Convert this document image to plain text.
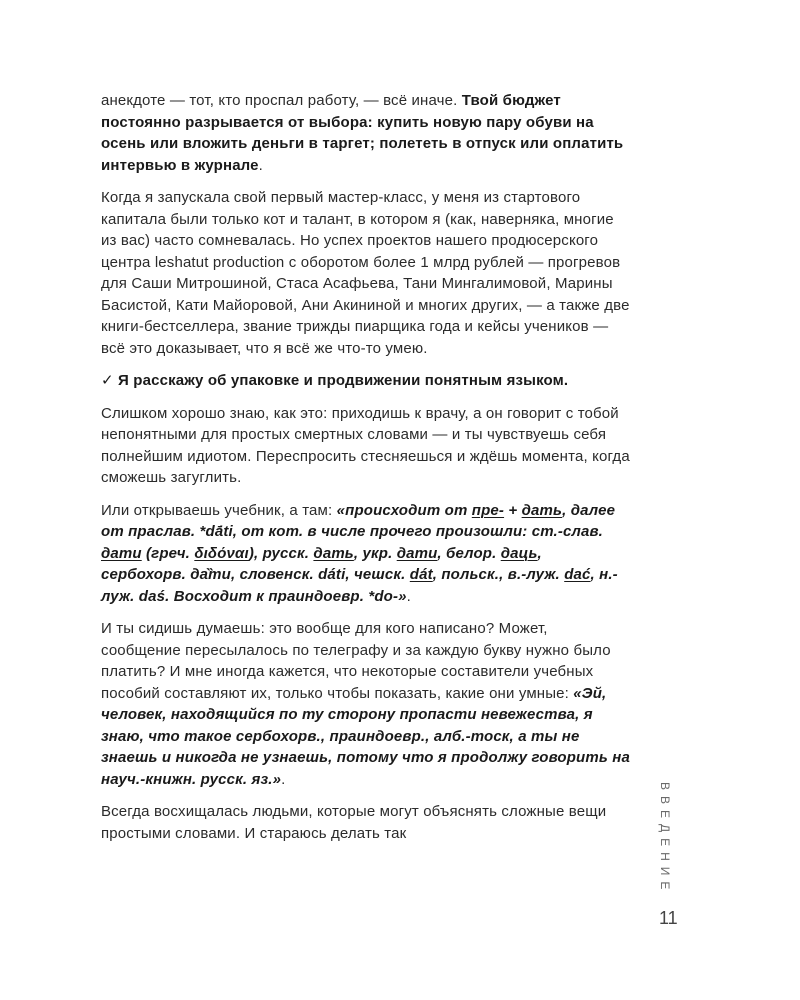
анекдоте — тот, кто проспал работу, — всё иначе. Твой бюджет постоянно разрывается от выбора: купить новую пару обуви на осень или вложить деньги в таргет; полететь в отпуск или оплатить интервью в журнале.

Когда я запускала свой первый мастер-класс, у меня из стартового капитала были только кот и талант, в котором я (как, наверняка, многие из вас) часто сомневалась. Но успех проектов нашего продюсерского центра leshatut production с оборотом более 1 млрд рублей — прогревов для Саши Митрошиной, Стаса Асафьева, Тани Мингалимовой, Марины Басистой, Кати Майоровой, Ани Акининой и многих других, — а также две книги-бестселлера, звание трижды пиарщика года и кейсы учеников — всё это доказывает, что я всё же что-то умею.

✓ Я расскажу об упаковке и продвижении понятным языком.

Слишком хорошо знаю, как это: приходишь к врачу, а он говорит с тобой непонятными для простых смертных словами — и ты чувствуешь себя полнейшим идиотом. Переспросить стесняешься и ждёшь момента, когда сможешь загуглить.

Или открываешь учебник, а там: «происходит от пре- + дать, далее от праслав. *dā́ti, от кот. в числе прочего произошли: ст.-слав. дати (греч. διδόναι), русск. дать, укр. дати, белор. даць, сербохорв. да̏ти, словенск. dáti, чешск. dát, польск., в.-луж. dać, н.-луж. daś. Восходит к праиндоевр. *do-».

И ты сидишь думаешь: это вообще для кого написано? Может, сообщение пересылалось по телеграфу и за каждую букву нужно было платить? И мне иногда кажется, что некоторые составители учебных пособий составляют их, только чтобы показать, какие они умные: «Эй, человек, находящийся по ту сторону пропасти невежества, я знаю, что такое сербохорв., праиндоевр., алб.-тоск, а ты не знаешь и никогда не узнаешь, потому что я продолжу говорить на науч.-книжн. русск. яз.».

Всегда восхищалась людьми, которые могут объяснять сложные вещи простыми словами. И стараюсь делать так	ВВЕДЕНИЕ
11
